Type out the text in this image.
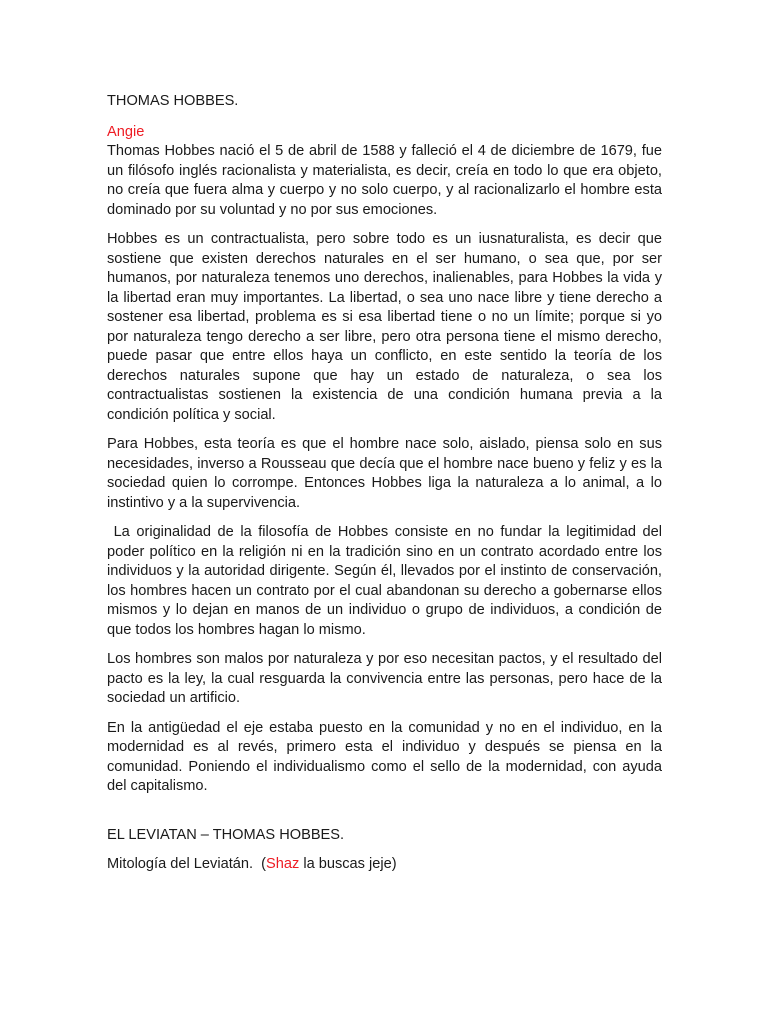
THOMAS HOBBES.
Angie

Thomas Hobbes nació el 5 de abril de 1588 y falleció el 4 de diciembre de 1679, fue un filósofo inglés racionalista y materialista, es decir, creía en todo lo que era objeto, no creía que fuera alma y cuerpo y no solo cuerpo, y al racionalizarlo el hombre esta dominado por su voluntad y no por sus emociones.

Hobbes es un contractualista, pero sobre todo es un iusnaturalista, es decir que sostiene que existen derechos naturales en el ser humano, o sea que, por ser humanos, por naturaleza tenemos uno derechos, inalienables, para Hobbes la vida y la libertad eran muy importantes. La libertad, o sea uno nace libre y tiene derecho a sostener esa libertad, problema es si esa libertad tiene o no un límite; porque si yo por naturaleza tengo derecho a ser libre, pero otra persona tiene el mismo derecho, puede pasar que entre ellos haya un conflicto, en este sentido la teoría de los derechos naturales supone que hay un estado de naturaleza, o sea los contractualistas sostienen la existencia de una condición humana previa a la condición política y social.

Para Hobbes, esta teoría es que el hombre nace solo, aislado, piensa solo en sus necesidades, inverso a Rousseau que decía que el hombre nace bueno y feliz y es la sociedad quien lo corrompe. Entonces Hobbes liga la naturaleza a lo animal, a lo instintivo y a la supervivencia.

La originalidad de la filosofía de Hobbes consiste en no fundar la legitimidad del poder político en la religión ni en la tradición sino en un contrato acordado entre los individuos y la autoridad dirigente. Según él, llevados por el instinto de conservación, los hombres hacen un contrato por el cual abandonan su derecho a gobernarse ellos mismos y lo dejan en manos de un individuo o grupo de individuos, a condición de que todos los hombres hagan lo mismo.

Los hombres son malos por naturaleza y por eso necesitan pactos, y el resultado del pacto es la ley, la cual resguarda la convivencia entre las personas, pero hace de la sociedad un artificio.

En la antigüedad el eje estaba puesto en la comunidad y no en el individuo, en la modernidad es al revés, primero esta el individuo y después se piensa en la comunidad. Poniendo el individualismo como el sello de la modernidad, con ayuda del capitalismo.

EL LEVIATAN – THOMAS HOBBES.

Mitología del Leviatán.  (Shaz la buscas jeje)
